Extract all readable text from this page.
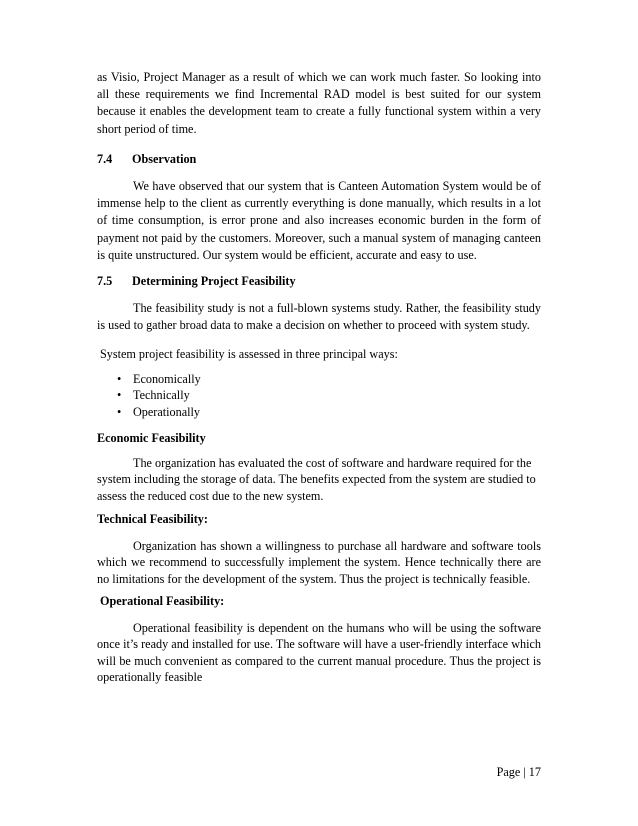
as Visio, Project Manager as a result of which we can work much faster. So looking into all these requirements we find Incremental RAD model is best suited for our system because it enables the development team to create a fully functional system within a very short period of time.

7.4 Observation

We have observed that our system that is Canteen Automation System would be of immense help to the client as currently everything is done manually, which results in a lot of time consumption, is error prone and also increases economic burden in the form of payment not paid by the customers. Moreover, such a manual system of managing canteen is quite unstructured. Our system would be efficient, accurate and easy to use.

7.5 Determining Project Feasibility

The feasibility study is not a full-blown systems study. Rather, the feasibility study is used to gather broad data to make a decision on whether to proceed with system study.

System project feasibility is assessed in three principal ways:

• Economically
• Technically
• Operationally
Economic Feasibility

The organization has evaluated the cost of software and hardware required for the system including the storage of data. The benefits expected from the system are studied to assess the reduced cost due to the new system.

Technical Feasibility:

Organization has shown a willingness to purchase all hardware and software tools which we recommend to successfully implement the system. Hence technically there are no limitations for the development of the system. Thus the project is technically feasible.

Operational Feasibility:

Operational feasibility is dependent on the humans who will be using the software once it’s ready and installed for use. The software will have a user-friendly interface which will be much convenient as compared to the current manual procedure. Thus the project is operationally feasible

Page | 17
